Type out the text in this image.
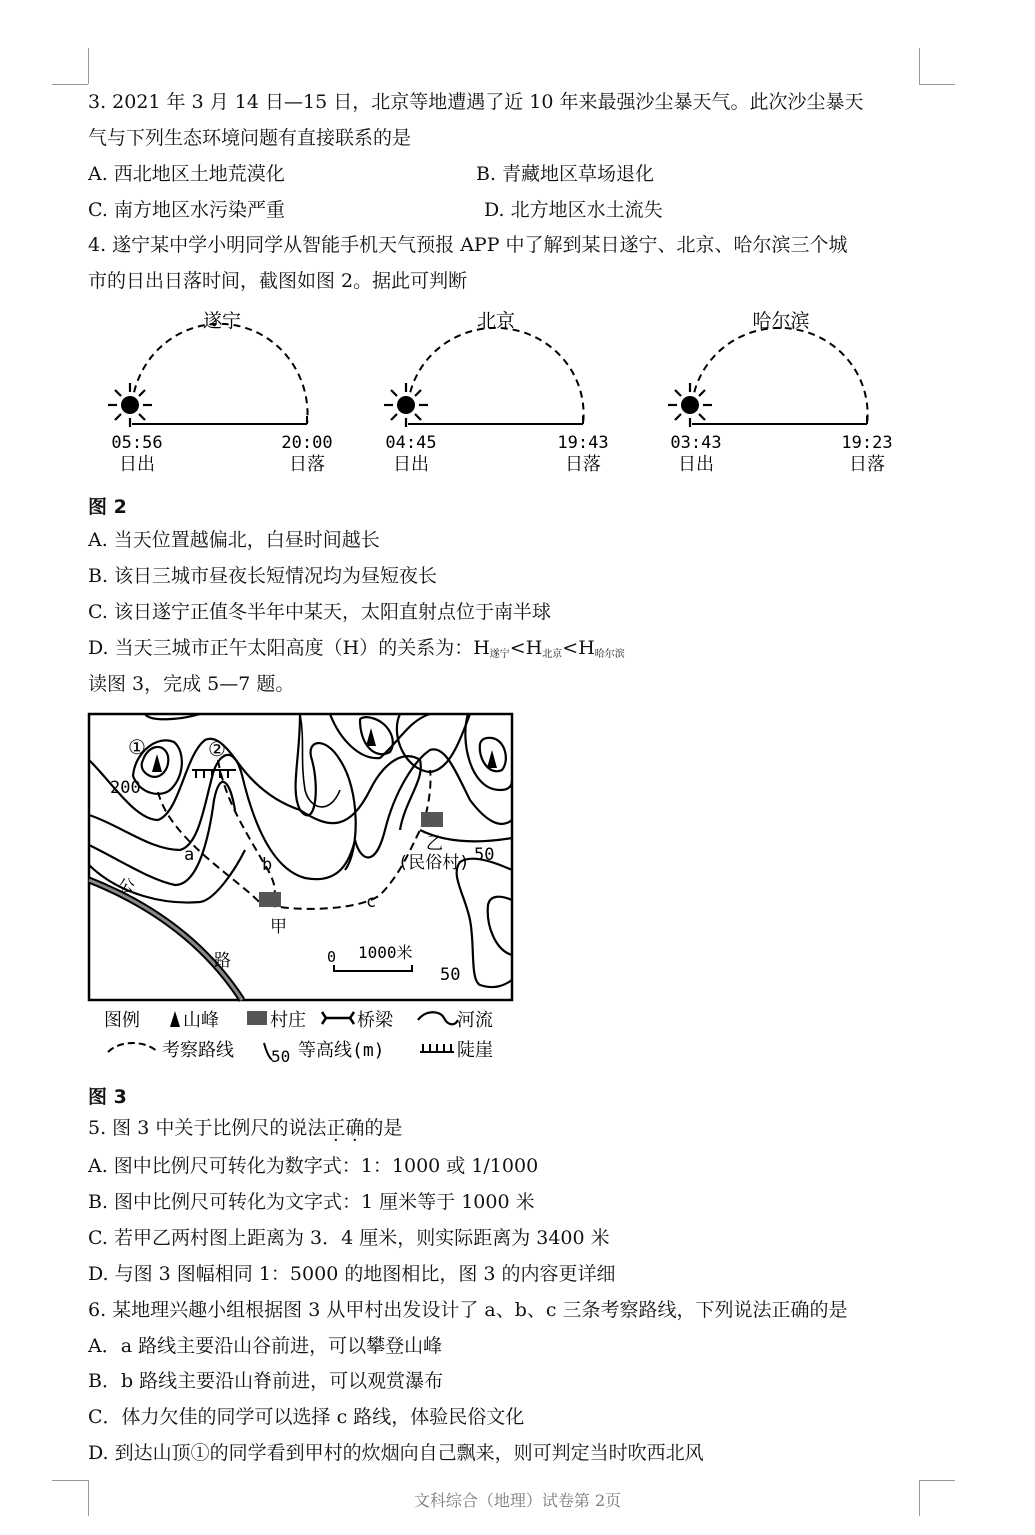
3. 2021 年 3 月 14 日—15 日，北京等地遭遇了近 10 年来最强沙尘暴天气。此次沙尘暴天
气与下列生态环境问题有直接联系的是
A. 西北地区土地荒漠化	B. 青藏地区草场退化
C. 南方地区水污染严重	D. 北方地区水土流失
4. 遂宁某中学小明同学从智能手机天气预报 APP 中了解到某日遂宁、北京、哈尔滨三个城
市的日出日落时间，截图如图 2。据此可判断
遂宁
05:56	20:00
日出	日落
北京
04:45	19:43
日出	日落
哈尔滨
03:43	19:23
日出	日落
图 2
A. 当天位置越偏北，白昼时间越长
B. 该日三城市昼夜长短情况均为昼短夜长
C. 该日遂宁正值冬半年中某天，太阳直射点位于南半球
D. 当天三城市正午太阳高度（H）的关系为：$H_{遂宁}<H_{北京}<H_{哈尔滨}$
读图 3，完成 5—7 题。
①	②
200
50
50
a	b
c
甲
乙
(民俗村)
公
路	0 1000米
图例 山峰	村庄	桥梁	河流
考察路线 50 等高线(m)	陡崖
图 3
5. 图 3 中关于比例尺的说法正确的是
A. 图中比例尺可转化为数字式：1：1000 或 1/1000
B. 图中比例尺可转化为文字式：1 厘米等于 1000 米
C. 若甲乙两村图上距离为 3．4 厘米，则实际距离为 3400 米
D. 与图 3 图幅相同 1：5000 的地图相比，图 3 的内容更详细
6. 某地理兴趣小组根据图 3 从甲村出发设计了 a、b、c 三条考察路线，下列说法正确的是
A．a 路线主要沿山谷前进，可以攀登山峰
B．b 路线主要沿山脊前进，可以观赏瀑布
C．体力欠佳的同学可以选择 c 路线，体验民俗文化
D. 到达山顶①的同学看到甲村的炊烟向自己飘来，则可判定当时吹西北风
文科综合（地理）试卷第 2页
